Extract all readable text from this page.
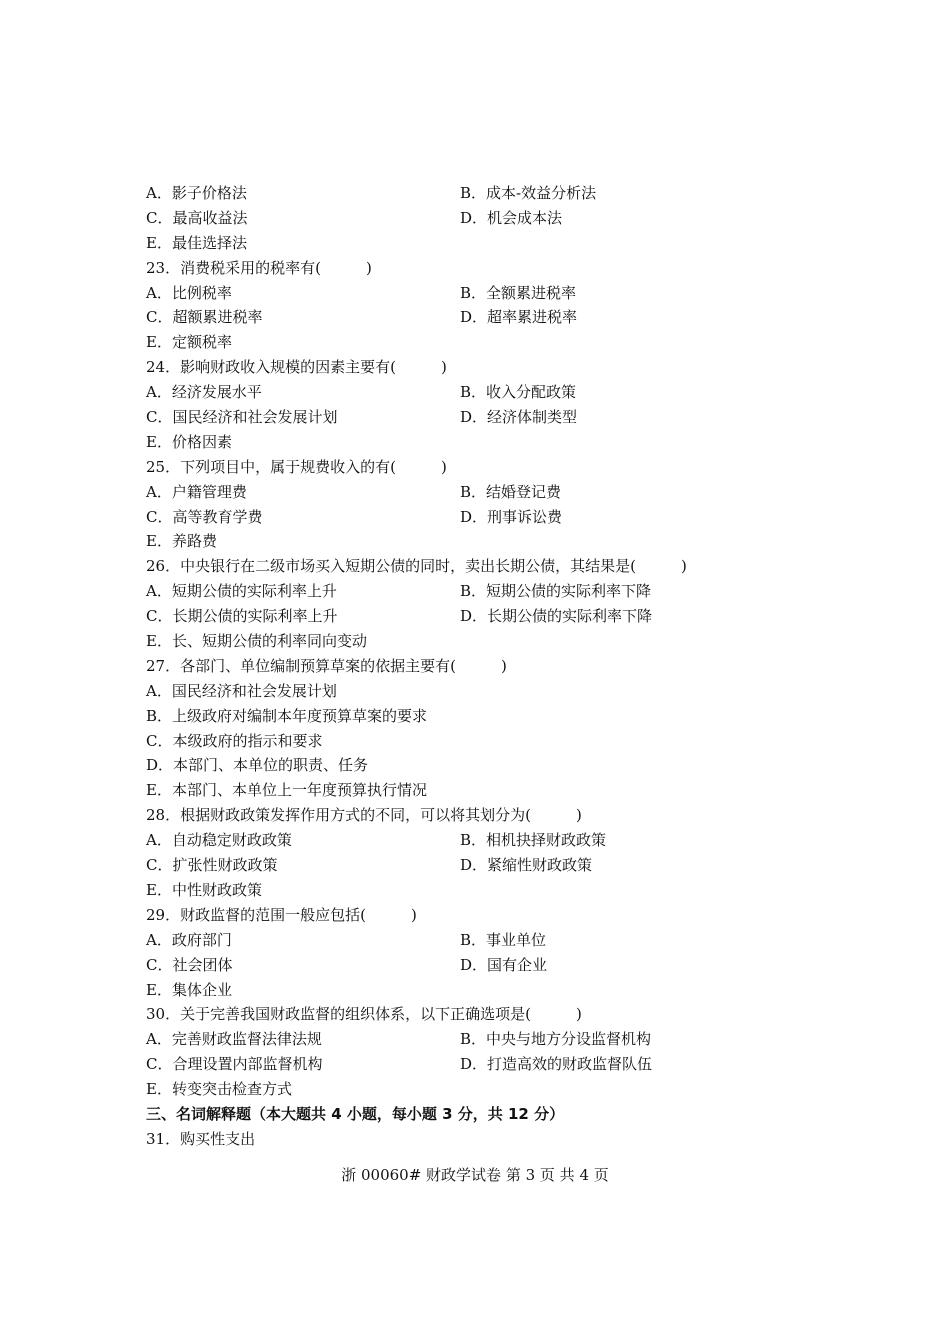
A．影子价格法	B．成本-效益分析法
C．最高收益法	D．机会成本法
E．最佳选择法
23．消费税采用的税率有(　　　)
A．比例税率	B．全额累进税率
C．超额累进税率	D．超率累进税率
E．定额税率
24．影响财政收入规模的因素主要有(　　　)
A．经济发展水平	B．收入分配政策
C．国民经济和社会发展计划	D．经济体制类型
E．价格因素
25．下列项目中，属于规费收入的有(　　　)
A．户籍管理费	B．结婚登记费
C．高等教育学费	D．刑事诉讼费
E．养路费
26．中央银行在二级市场买入短期公债的同时，卖出长期公债，其结果是(　　　)
A．短期公债的实际利率上升	B．短期公债的实际利率下降
C．长期公债的实际利率上升	D．长期公债的实际利率下降
E．长、短期公债的利率同向变动
27．各部门、单位编制预算草案的依据主要有(　　　)
A．国民经济和社会发展计划
B．上级政府对编制本年度预算草案的要求
C．本级政府的指示和要求
D．本部门、本单位的职责、任务
E．本部门、本单位上一年度预算执行情况
28．根据财政政策发挥作用方式的不同，可以将其划分为(　　　)
A．自动稳定财政政策	B．相机抉择财政政策
C．扩张性财政政策	D．紧缩性财政政策
E．中性财政政策
29．财政监督的范围一般应包括(　　　)
A．政府部门	B．事业单位
C．社会团体	D．国有企业
E．集体企业
30．关于完善我国财政监督的组织体系，以下正确选项是(　　　)
A．完善财政监督法律法规	B．中央与地方分设监督机构
C．合理设置内部监督机构	D．打造高效的财政监督队伍
E．转变突击检查方式
三、名词解释题（本大题共 4 小题，每小题 3 分，共 12 分）
31．购买性支出
浙 00060# 财政学试卷 第 3 页 共 4 页
